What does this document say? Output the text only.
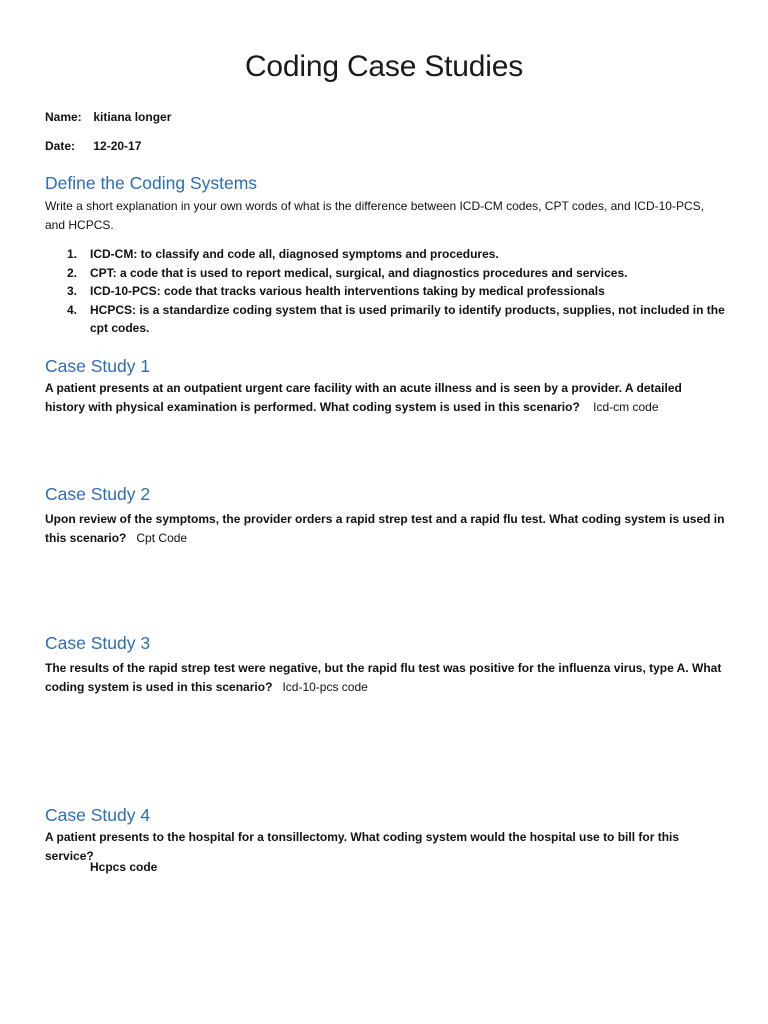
Coding Case Studies
Name: kitiana longer
Date: 12-20-17
Define the Coding Systems
Write a short explanation in your own words of what is the difference between ICD-CM codes, CPT codes, and ICD-10-PCS, and HCPCS.
1. ICD-CM: to classify and code all, diagnosed symptoms and procedures.
2. CPT: a code that is used to report medical, surgical, and diagnostics procedures and services.
3. ICD-10-PCS: code that tracks various health interventions taking by medical professionals
4. HCPCS: is a standardize coding system that is used primarily to identify products, supplies, not included in the cpt codes.
Case Study 1
A patient presents at an outpatient urgent care facility with an acute illness and is seen by a provider. A detailed history with physical examination is performed. What coding system is used in this scenario? Icd-cm code
Case Study 2
Upon review of the symptoms, the provider orders a rapid strep test and a rapid flu test. What coding system is used in this scenario? Cpt Code
Case Study 3
The results of the rapid strep test were negative, but the rapid flu test was positive for the influenza virus, type A. What coding system is used in this scenario? Icd-10-pcs code
Case Study 4
A patient presents to the hospital for a tonsillectomy. What coding system would the hospital use to bill for this service?
Hcpcs code
